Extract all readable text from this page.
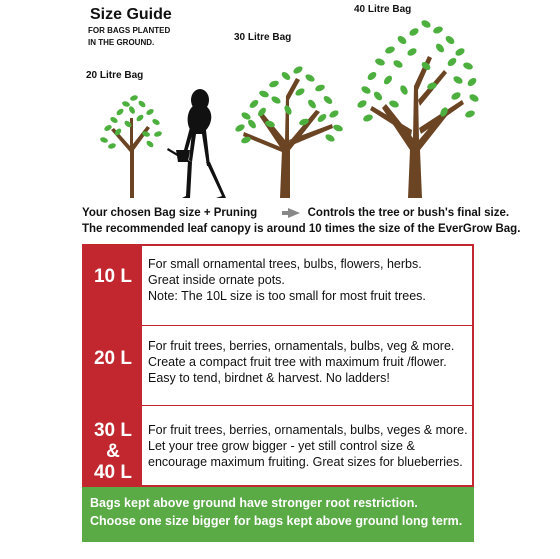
Size Guide
FOR BAGS PLANTED
IN THE GROUND.
20 Litre Bag
30 Litre Bag
40 Litre Bag
Your chosen Bag size + Pruning	Controls the tree or bush's final size.
The recommended leaf canopy is around 10 times the size of the EverGrow Bag.
10 L
For small ornamental trees, bulbs, flowers, herbs.
Great inside ornate pots.
Note: The 10L size is too small for most fruit trees.
20 L
For fruit trees, berries, ornamentals, bulbs, veg & more.
Create a compact fruit tree with maximum fruit /flower.
Easy to tend, birdnet & harvest. No ladders!
30 L
&
40 L
For fruit trees, berries, ornamentals, bulbs, veges & more.
Let your tree grow bigger - yet still control size &
encourage maximum fruiting. Great sizes for blueberries.
Bags kept above ground have stronger root restriction.
Choose one size bigger for bags kept above ground long term.
